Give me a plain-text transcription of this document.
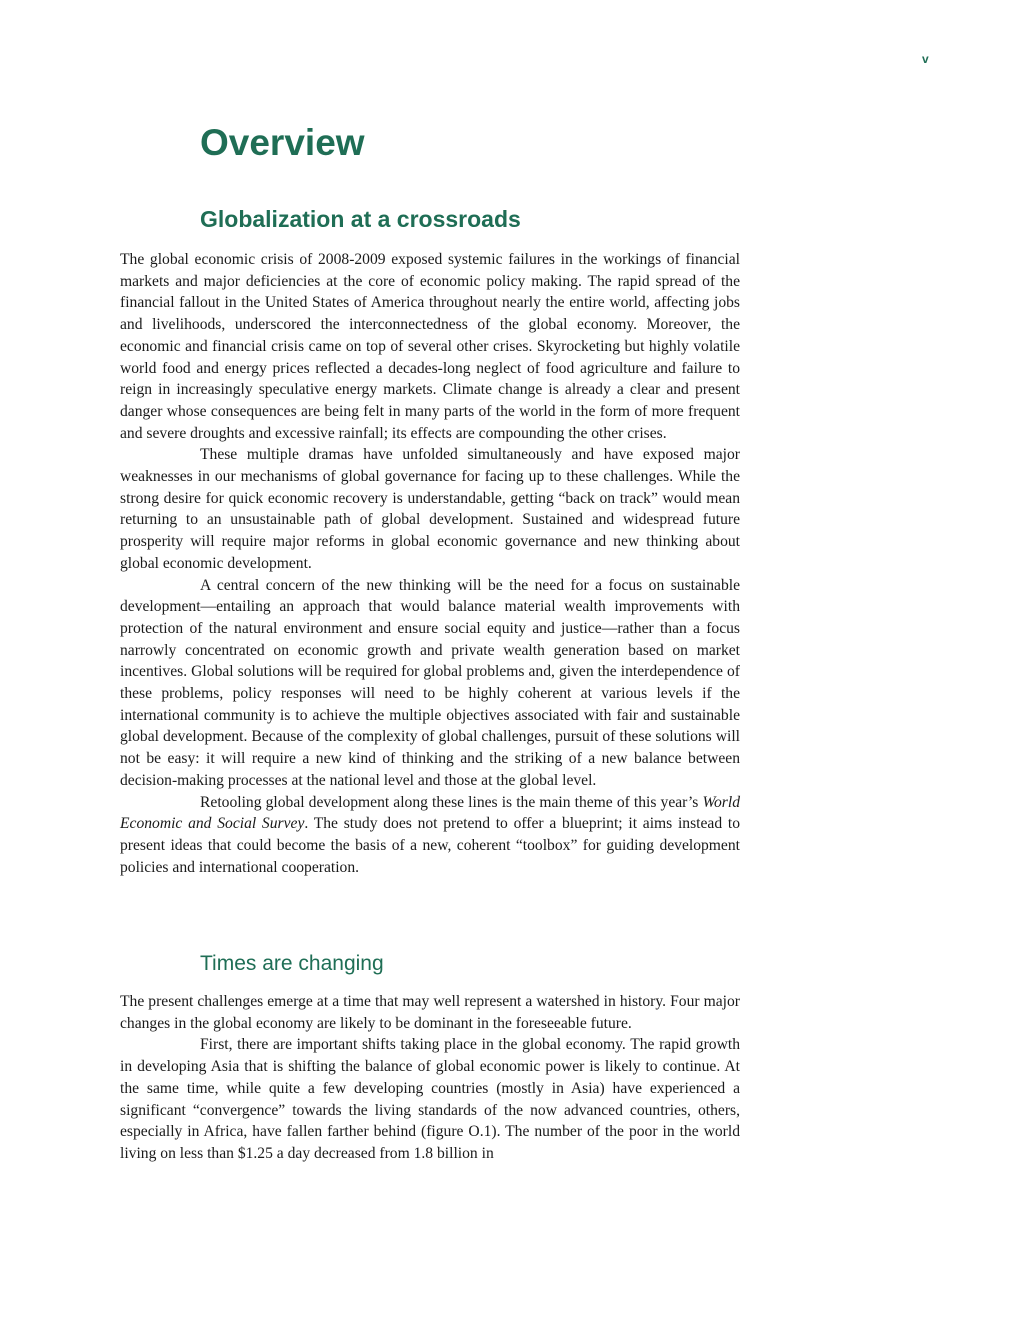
v
Overview
Globalization at a crossroads

The global economic crisis of 2008-2009 exposed systemic failures in the workings of financial markets and major deficiencies at the core of economic policy making. The rapid spread of the financial fallout in the United States of America throughout nearly the entire world, affecting jobs and livelihoods, underscored the interconnectedness of the global economy. Moreover, the economic and financial crisis came on top of several other crises. Skyrocketing but highly volatile world food and energy prices reflected a decades-long neglect of food agriculture and failure to reign in increasingly speculative energy markets. Climate change is already a clear and present danger whose consequences are being felt in many parts of the world in the form of more frequent and severe droughts and excessive rainfall; its effects are compounding the other crises.

These multiple dramas have unfolded simultaneously and have exposed major weaknesses in our mechanisms of global governance for facing up to these challenges. While the strong desire for quick economic recovery is understandable, getting “back on track” would mean returning to an unsustainable path of global development. Sustained and widespread future prosperity will require major reforms in global economic governance and new thinking about global economic development.

A central concern of the new thinking will be the need for a focus on sustainable development—entailing an approach that would balance material wealth improvements with protection of the natural environment and ensure social equity and justice—rather than a focus narrowly concentrated on economic growth and private wealth generation based on market incentives. Global solutions will be required for global problems and, given the interdependence of these problems, policy responses will need to be highly coherent at various levels if the international community is to achieve the multiple objectives associated with fair and sustainable global development. Because of the complexity of global challenges, pursuit of these solutions will not be easy: it will require a new kind of thinking and the striking of a new balance between decision-making processes at the national level and those at the global level.

Retooling global development along these lines is the main theme of this year’s World Economic and Social Survey. The study does not pretend to offer a blueprint; it aims instead to present ideas that could become the basis of a new, coherent “toolbox” for guiding development policies and international cooperation.

Times are changing

The present challenges emerge at a time that may well represent a watershed in history. Four major changes in the global economy are likely to be dominant in the foreseeable future.

First, there are important shifts taking place in the global economy. The rapid growth in developing Asia that is shifting the balance of global economic power is likely to continue. At the same time, while quite a few developing countries (mostly in Asia) have experienced a significant “convergence” towards the living standards of the now advanced countries, others, especially in Africa, have fallen farther behind (figure O.1). The number of the poor in the world living on less than $1.25 a day decreased from 1.8 billion in
